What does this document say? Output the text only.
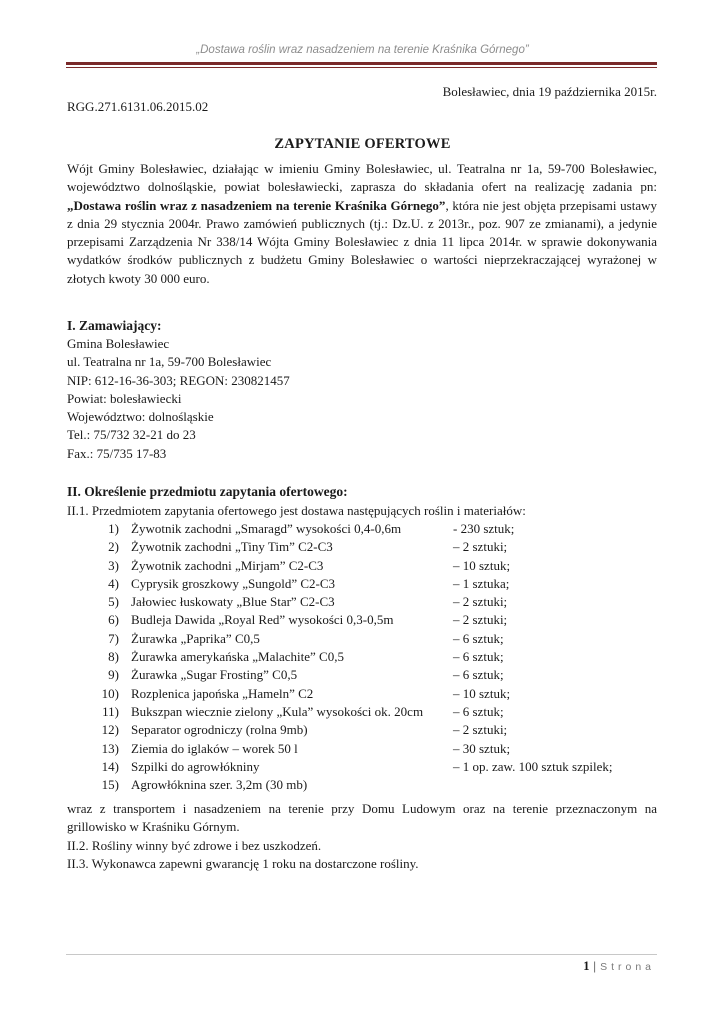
„Dostawa roślin wraz nasadzeniem na terenie Kraśnika Górnego”
Bolesławiec, dnia 19 października 2015r.
RGG.271.6131.06.2015.02
ZAPYTANIE OFERTOWE
Wójt Gminy Bolesławiec, działając w imieniu Gminy Bolesławiec, ul. Teatralna nr 1a, 59-700 Bolesławiec, województwo dolnośląskie, powiat bolesławiecki, zaprasza do składania ofert na realizację zadania pn: „Dostawa roślin wraz z nasadzeniem na terenie Kraśnika Górnego”, która nie jest objęta przepisami ustawy z dnia 29 stycznia 2004r. Prawo zamówień publicznych (tj.: Dz.U. z 2013r., poz. 907 ze zmianami), a jedynie przepisami Zarządzenia Nr 338/14 Wójta Gminy Bolesławiec z dnia 11 lipca 2014r. w sprawie dokonywania wydatków środków publicznych z budżetu Gminy Bolesławiec o wartości nieprzekraczającej wyrażonej w złotych kwoty 30 000 euro.
I. Zamawiający:
Gmina Bolesławiec
ul. Teatralna nr 1a, 59-700 Bolesławiec
NIP: 612-16-36-303; REGON: 230821457
Powiat: bolesławiecki
Województwo: dolnośląskie
Tel.: 75/732 32-21 do 23
Fax.: 75/735 17-83
II. Określenie przedmiotu zapytania ofertowego:
II.1. Przedmiotem zapytania ofertowego jest dostawa następujących roślin i materiałów:
1) Żywotnik zachodni „Smaragd” wysokości 0,4-0,6m	- 230 sztuk;
2) Żywotnik zachodni „Tiny Tim” C2-C3	– 2 sztuki;
3) Żywotnik zachodni „Mirjam” C2-C3	– 10 sztuk;
4) Cyprysik groszkowy „Sungold” C2-C3	– 1 sztuka;
5) Jałowiec łuskowaty „Blue Star” C2-C3	– 2 sztuki;
6) Budleja Dawida „Royal Red” wysokości 0,3-0,5m	– 2 sztuki;
7) Żurawka „Paprika” C0,5	– 6 sztuk;
8) Żurawka amerykańska „Malachite” C0,5	– 6 sztuk;
9) Żurawka „Sugar Frosting” C0,5	– 6 sztuk;
10) Rozplenica japońska „Hameln” C2	– 10 sztuk;
11) Bukszpan wiecznie zielony „Kula” wysokości ok. 20cm – 6 sztuk;
12) Separator ogrodniczy (rolna 9mb)	– 2 sztuki;
13) Ziemia do iglaków – worek 50 l	– 30 sztuk;
14) Szpilki do agrowłókniny	– 1 op. zaw. 100 sztuk szpilek;
15) Agrowłóknina szer. 3,2m (30 mb)
wraz z transportem i nasadzeniem na terenie przy Domu Ludowym oraz na terenie przeznaczonym na grillowisko w Kraśniku Górnym.
II.2. Rośliny winny być zdrowe i bez uszkodzeń.
II.3. Wykonawca zapewni gwarancję 1 roku na dostarczone rośliny.
1 | Strona
